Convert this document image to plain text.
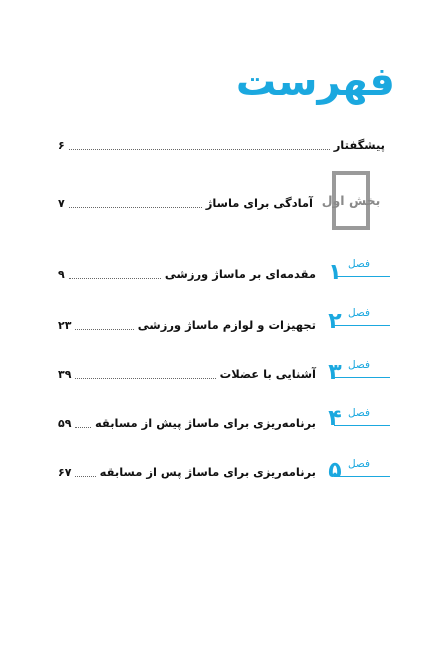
فهرست
پیشگفتار
۶
بخش اول
آمادگی برای ماساژ
۷
فصل
۱
مقدمه‌ای بر ماساژ ورزشی
۹
فصل
۲
تجهیزات و لوازم ماساژ ورزشی
۲۳
فصل
۳
آشنایی با عضلات
۳۹
فصل
۴
برنامه‌ریزی برای ماساژ پیش از مسابقه
۵۹
فصل
۵
برنامه‌ریزی برای ماساژ پس از مسابقه
۶۷
